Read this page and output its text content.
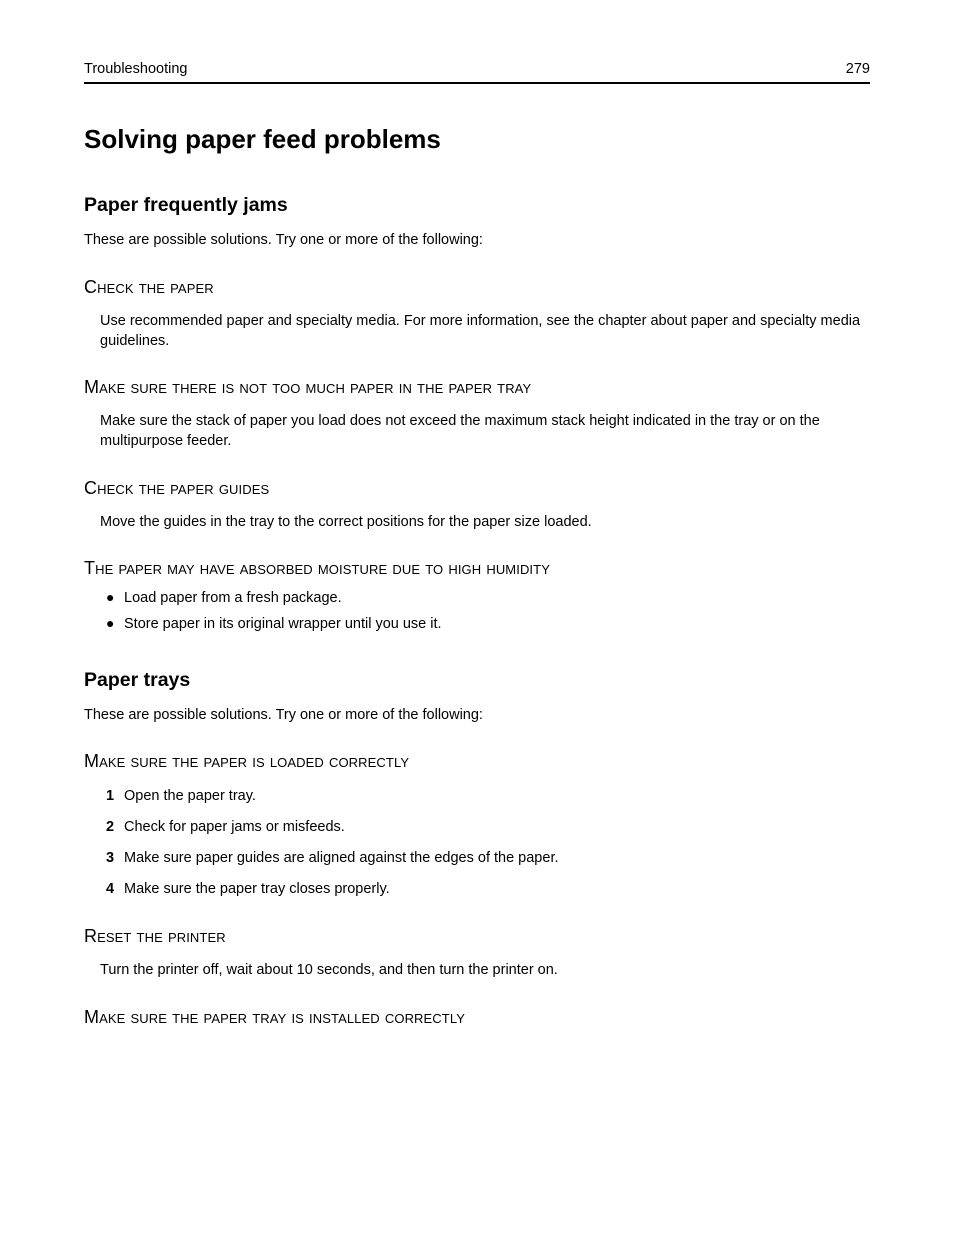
Troubleshooting	279
Solving paper feed problems
Paper frequently jams
These are possible solutions. Try one or more of the following:
Check the paper
Use recommended paper and specialty media. For more information, see the chapter about paper and specialty media guidelines.
Make sure there is not too much paper in the paper tray
Make sure the stack of paper you load does not exceed the maximum stack height indicated in the tray or on the multipurpose feeder.
Check the paper guides
Move the guides in the tray to the correct positions for the paper size loaded.
The paper may have absorbed moisture due to high humidity
● Load paper from a fresh package.
● Store paper in its original wrapper until you use it.
Paper trays
These are possible solutions. Try one or more of the following:
Make sure the paper is loaded correctly
1 Open the paper tray.
2 Check for paper jams or misfeeds.
3 Make sure paper guides are aligned against the edges of the paper.
4 Make sure the paper tray closes properly.
Reset the printer
Turn the printer off, wait about 10 seconds, and then turn the printer on.
Make sure the paper tray is installed correctly
